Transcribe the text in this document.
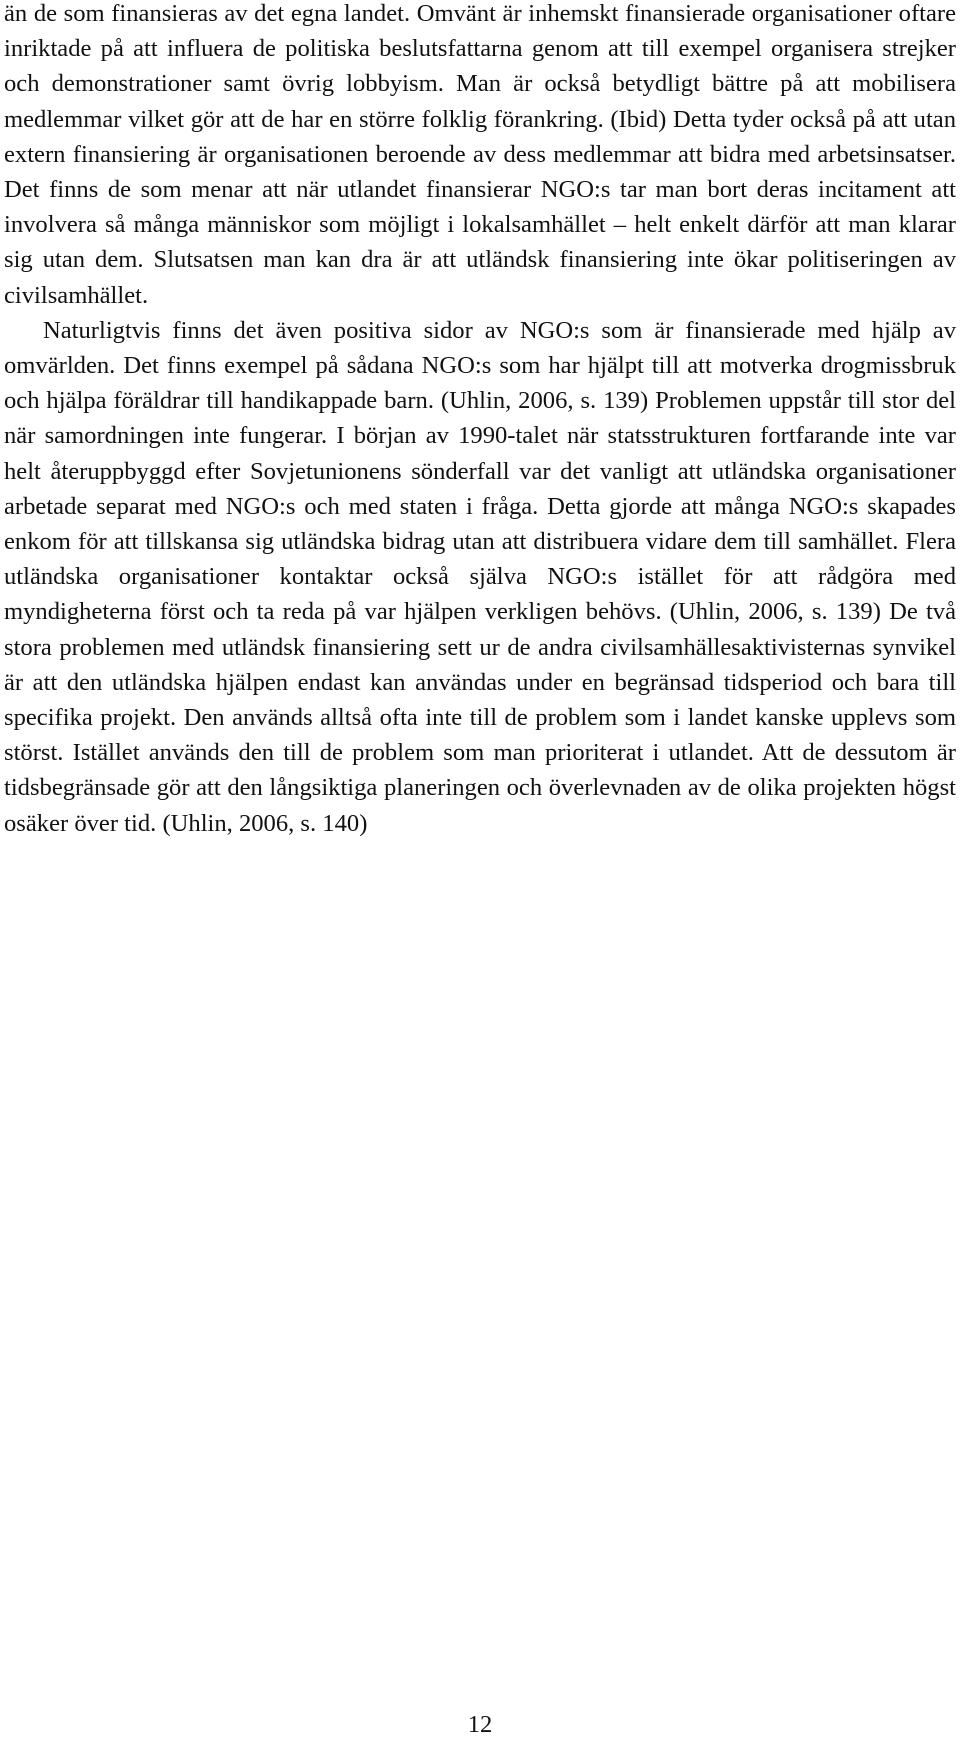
än de som finansieras av det egna landet. Omvänt är inhemskt finansierade organisationer oftare inriktade på att influera de politiska beslutsfattarna genom att till exempel organisera strejker och demonstrationer samt övrig lobbyism. Man är också betydligt bättre på att mobilisera medlemmar vilket gör att de har en större folklig förankring. (Ibid) Detta tyder också på att utan extern finansiering är organisationen beroende av dess medlemmar att bidra med arbetsinsatser. Det finns de som menar att när utlandet finansierar NGO:s tar man bort deras incitament att involvera så många människor som möjligt i lokalsamhället – helt enkelt därför att man klarar sig utan dem. Slutsatsen man kan dra är att utländsk finansiering inte ökar politiseringen av civilsamhället.

Naturligtvis finns det även positiva sidor av NGO:s som är finansierade med hjälp av omvärlden. Det finns exempel på sådana NGO:s som har hjälpt till att motverka drogmissbruk och hjälpa föräldrar till handikappade barn. (Uhlin, 2006, s. 139) Problemen uppstår till stor del när samordningen inte fungerar. I början av 1990-talet när statsstrukturen fortfarande inte var helt återuppbyggd efter Sovjetunionens sönderfall var det vanligt att utländska organisationer arbetade separat med NGO:s och med staten i fråga. Detta gjorde att många NGO:s skapades enkom för att tillskansa sig utländska bidrag utan att distribuera vidare dem till samhället. Flera utländska organisationer kontaktar också själva NGO:s istället för att rådgöra med myndigheterna först och ta reda på var hjälpen verkligen behövs. (Uhlin, 2006, s. 139) De två stora problemen med utländsk finansiering sett ur de andra civilsamhällesaktivisternas synvikel är att den utländska hjälpen endast kan användas under en begränsad tidsperiod och bara till specifika projekt. Den används alltså ofta inte till de problem som i landet kanske upplevs som störst. Istället används den till de problem som man prioriterat i utlandet. Att de dessutom är tidsbegränsade gör att den långsiktiga planeringen och överlevnaden av de olika projekten högst osäker över tid. (Uhlin, 2006, s. 140)

12
